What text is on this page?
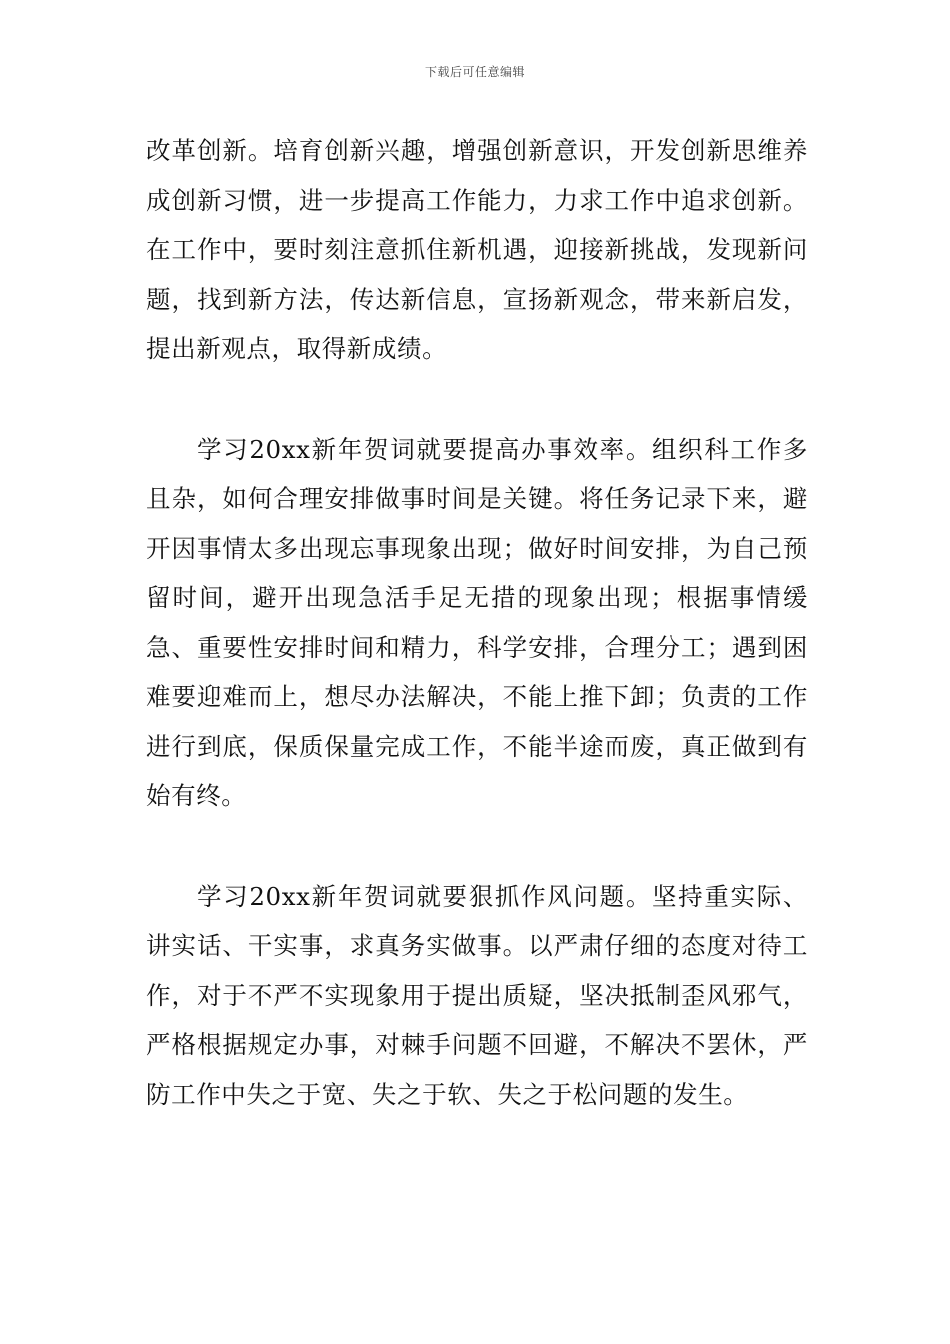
下载后可任意编辑

改革创新。培育创新兴趣，增强创新意识，开发创新思维养成创新习惯，进一步提高工作能力，力求工作中追求创新。在工作中，要时刻注意抓住新机遇，迎接新挑战，发现新问题，找到新方法，传达新信息，宣扬新观念，带来新启发，提出新观点，取得新成绩。

学习20xx新年贺词就要提高办事效率。组织科工作多且杂，如何合理安排做事时间是关键。将任务记录下来，避开因事情太多出现忘事现象出现；做好时间安排，为自己预留时间，避开出现急活手足无措的现象出现；根据事情缓急、重要性安排时间和精力，科学安排，合理分工；遇到困难要迎难而上，想尽办法解决，不能上推下卸；负责的工作进行到底，保质保量完成工作，不能半途而废，真正做到有始有终。

学习20xx新年贺词就要狠抓作风问题。坚持重实际、讲实话、干实事，求真务实做事。以严肃仔细的态度对待工作，对于不严不实现象用于提出质疑，坚决抵制歪风邪气，严格根据规定办事，对棘手问题不回避，不解决不罢休，严防工作中失之于宽、失之于软、失之于松问题的发生。
